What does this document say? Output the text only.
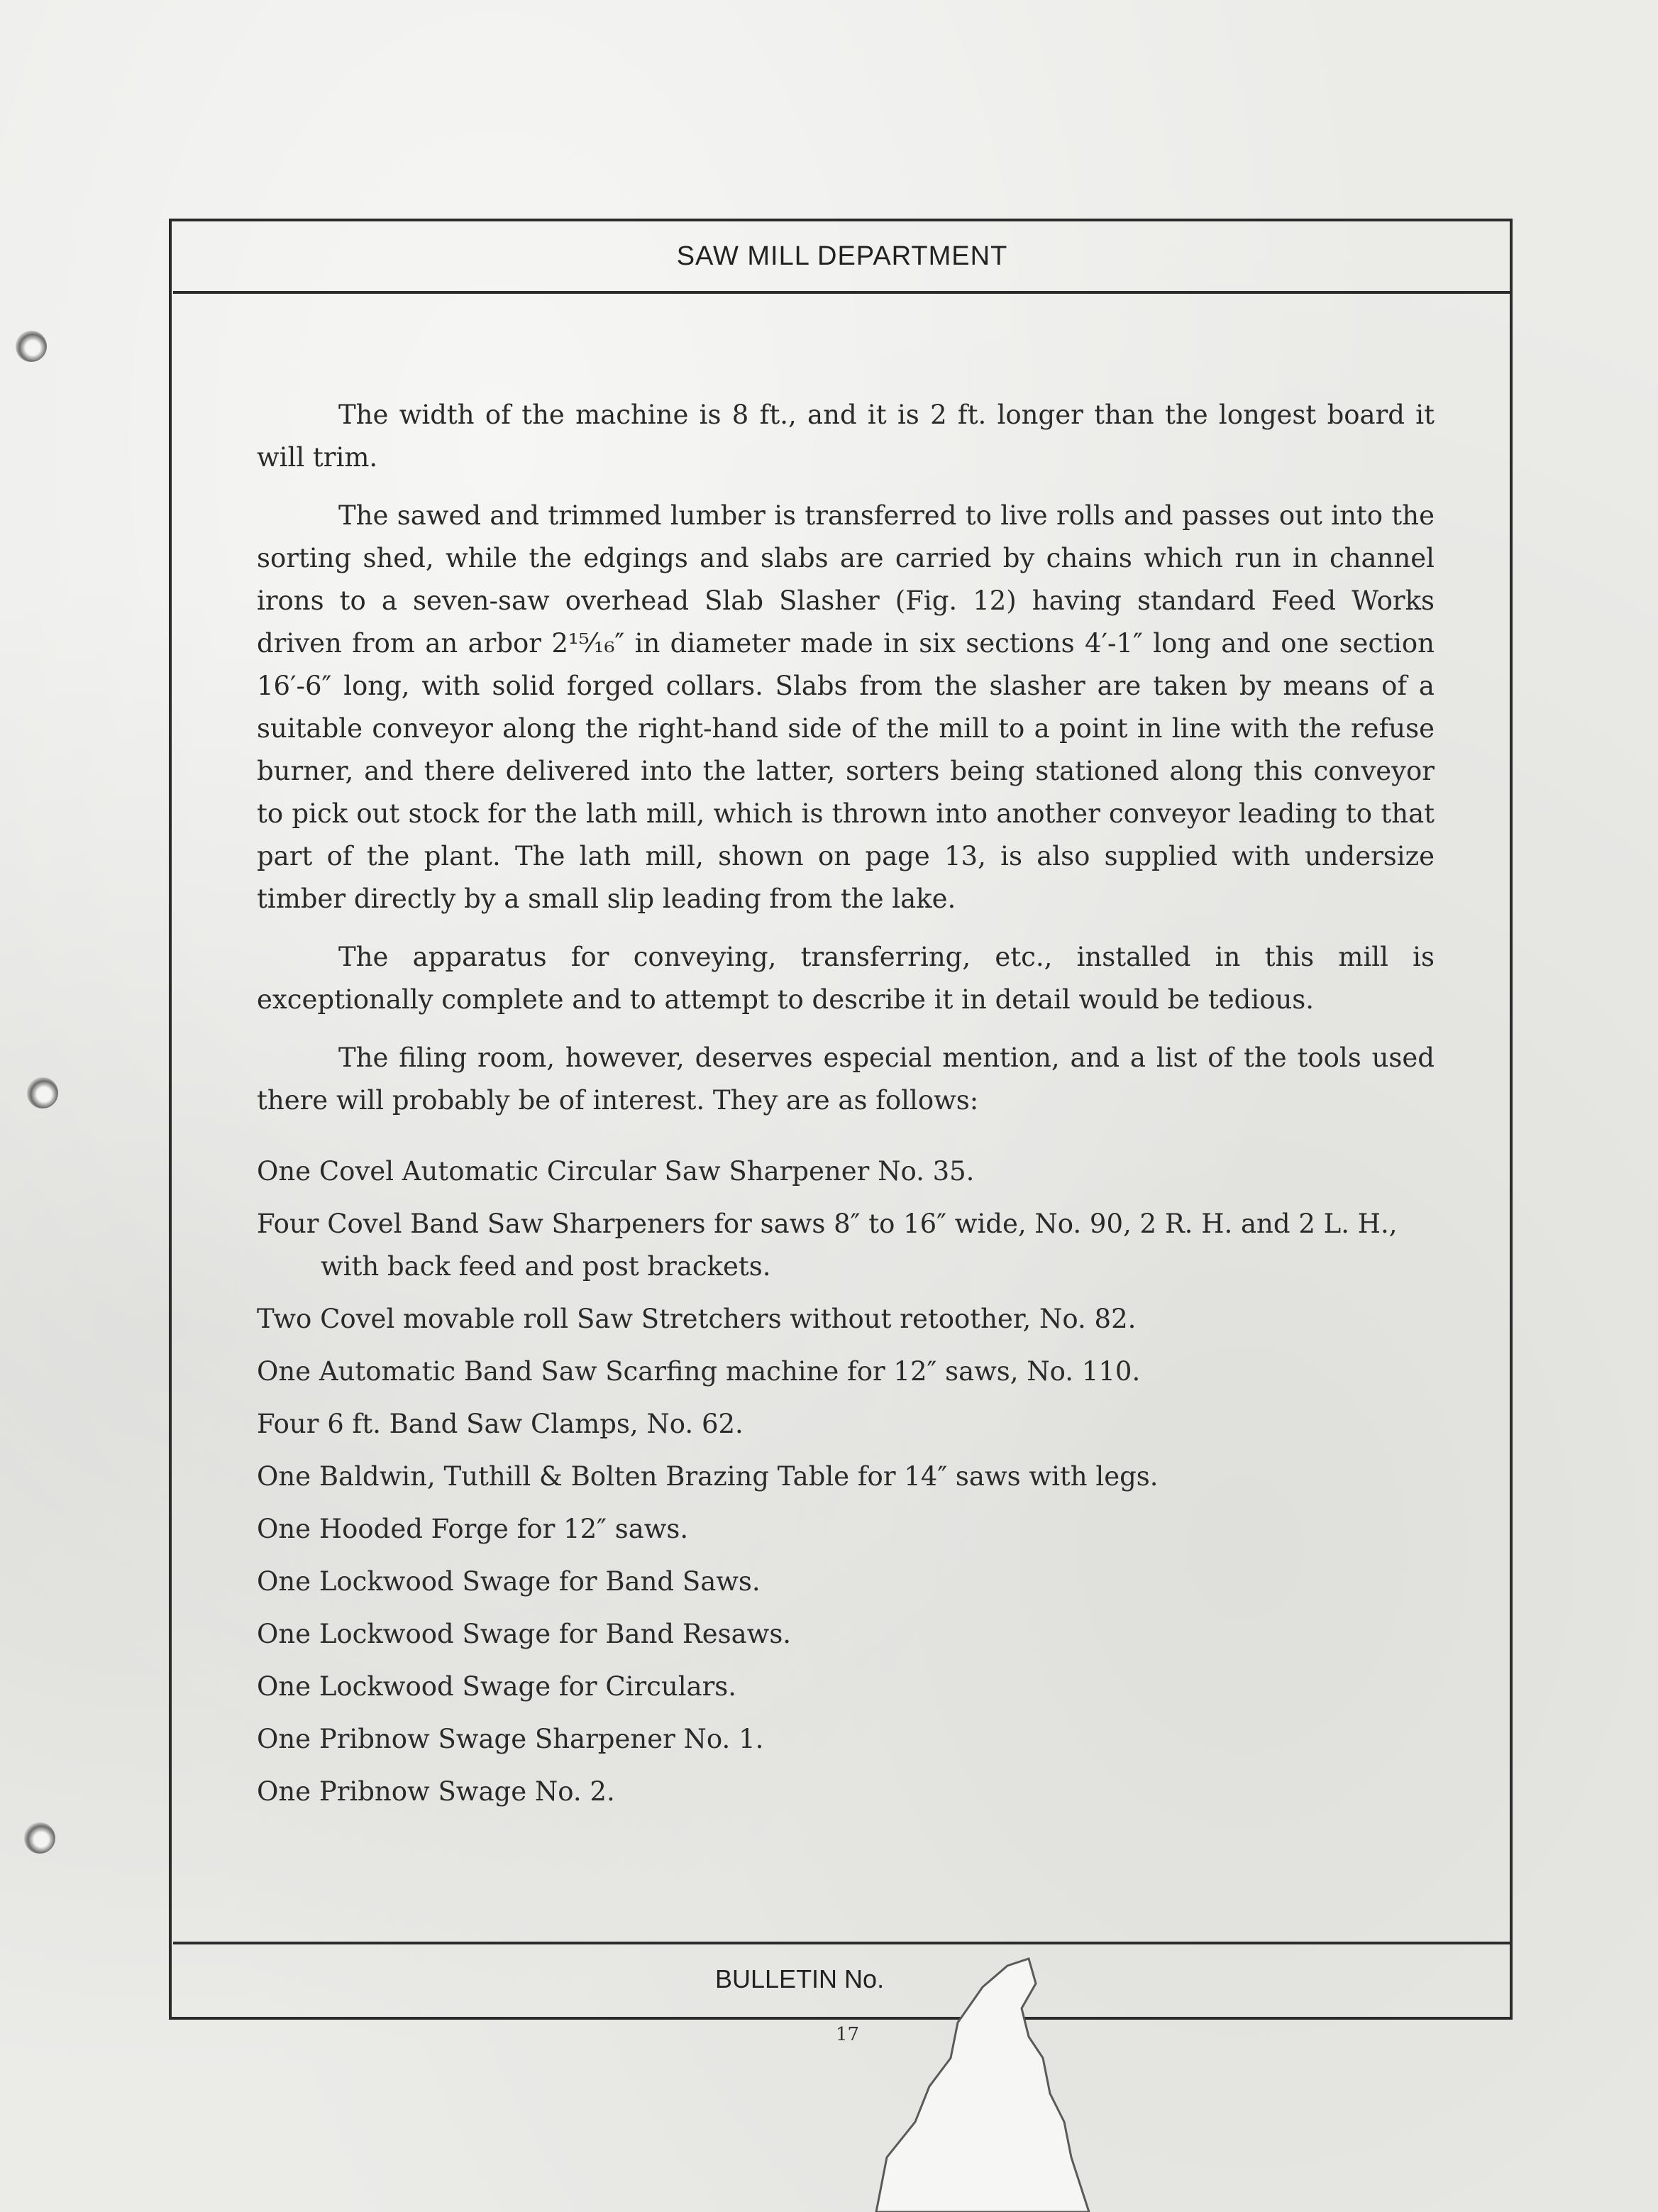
SAW MILL DEPARTMENT

The width of the machine is 8 ft., and it is 2 ft. longer than the longest board it will trim.

The sawed and trimmed lumber is transferred to live rolls and passes out into the sorting shed, while the edgings and slabs are carried by chains which run in channel irons to a seven-saw overhead Slab Slasher (Fig. 12) having standard Feed Works driven from an arbor 2¹⁵⁄₁₆″ in diameter made in six sections 4′-1″ long and one section 16′-6″ long, with solid forged collars. Slabs from the slasher are taken by means of a suitable conveyor along the right-hand side of the mill to a point in line with the refuse burner, and there delivered into the latter, sorters being stationed along this conveyor to pick out stock for the lath mill, which is thrown into another conveyor leading to that part of the plant. The lath mill, shown on page 13, is also supplied with undersize timber directly by a small slip leading from the lake.

The apparatus for conveying, transferring, etc., installed in this mill is exceptionally complete and to attempt to describe it in detail would be tedious.

The filing room, however, deserves especial mention, and a list of the tools used there will probably be of interest. They are as follows:

One Covel Automatic Circular Saw Sharpener No. 35.
Four Covel Band Saw Sharpeners for saws 8″ to 16″ wide, No. 90, 2 R. H. and 2 L. H., with back feed and post brackets.
Two Covel movable roll Saw Stretchers without retoother, No. 82.
One Automatic Band Saw Scarfing machine for 12″ saws, No. 110.
Four 6 ft. Band Saw Clamps, No. 62.
One Baldwin, Tuthill & Bolten Brazing Table for 14″ saws with legs.
One Hooded Forge for 12″ saws.
One Lockwood Swage for Band Saws.
One Lockwood Swage for Band Resaws.
One Lockwood Swage for Circulars.
One Pribnow Swage Sharpener No. 1.
One Pribnow Swage No. 2.
BULLETIN No.
17
